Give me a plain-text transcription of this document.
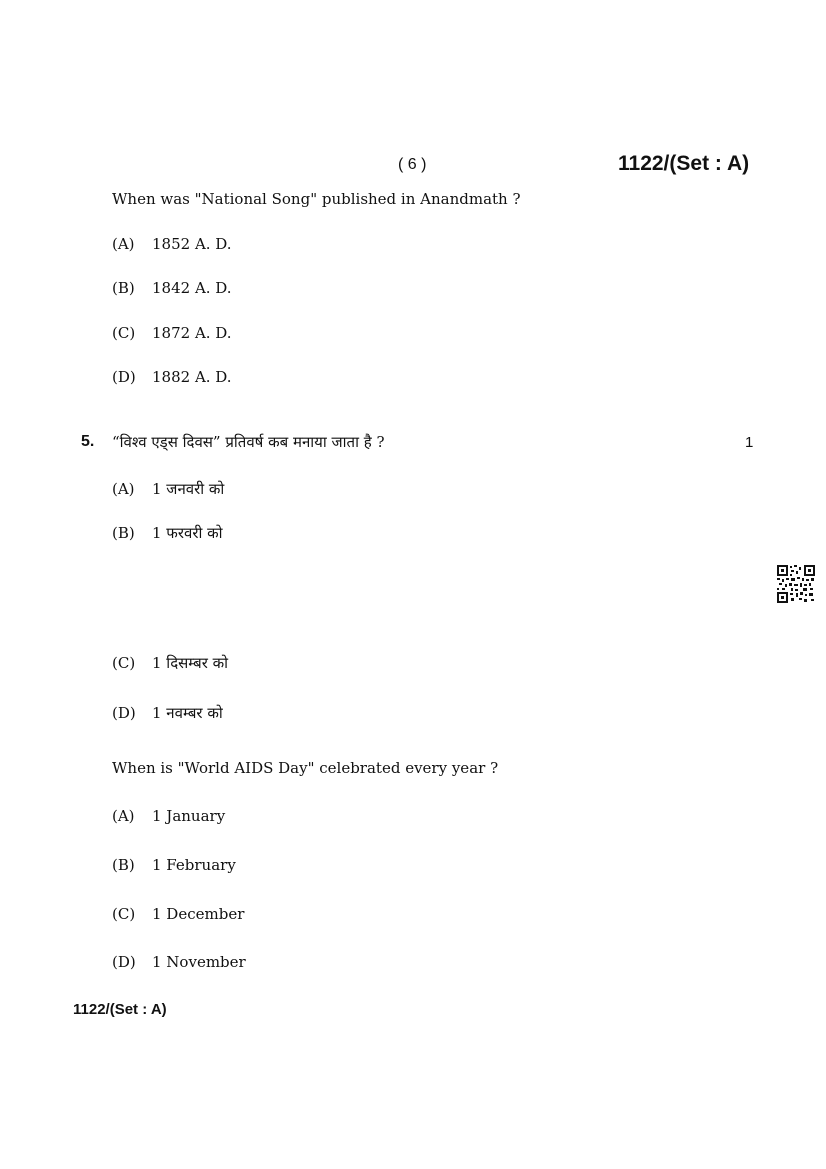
( 6 )	1122/(Set : A)
When was "National Song" published in Anandmath ?
(A) 1852 A. D.
(B) 1842 A. D.
(C) 1872 A. D.
(D) 1882 A. D.
5. “विश्व एड्स दिवस” प्रतिवर्ष कब मनाया जाता है ?	1
(A) 1 जनवरी को
(B) 1 फरवरी को
(C) 1 दिसम्बर को
(D) 1 नवम्बर को
When is "World AIDS Day" celebrated every year ?
(A) 1 January
(B) 1 February
(C) 1 December
(D) 1 November
1122/(Set : A)
